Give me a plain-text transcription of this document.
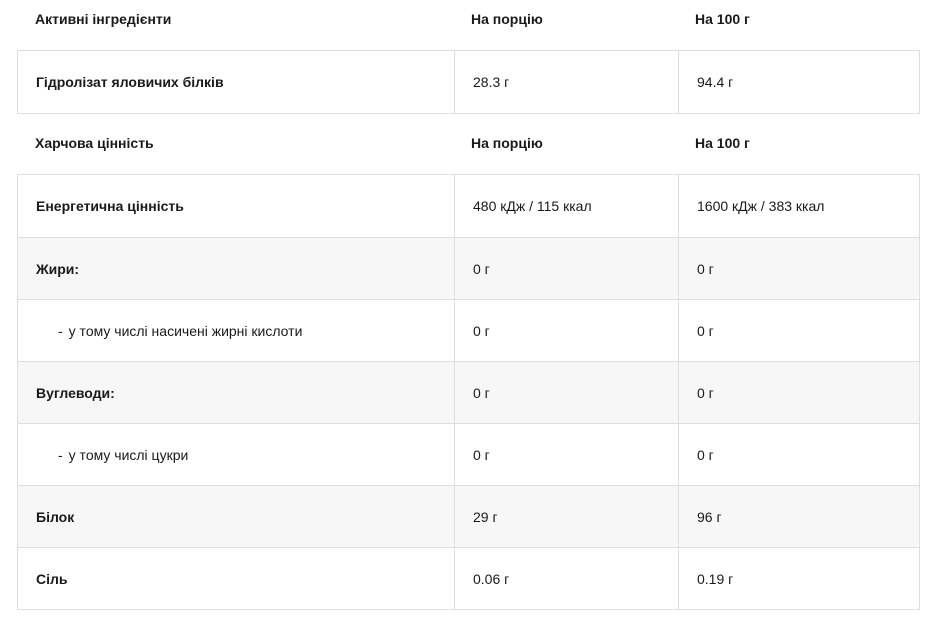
Активні інгредієнти	На порцію	На 100 г
Гідролізат яловичих білків	28.3 г	94.4 г
Харчова цінність	На порцію	На 100 г
Енергетична цінність	480 кДж / 115 ккал	1600 кДж / 383 ккал
Жири:	0 г	0 г
- у тому числі насичені жирні кислоти	0 г	0 г
Вуглеводи:	0 г	0 г
- у тому числі цукри	0 г	0 г
Білок	29 г	96 г
Сіль	0.06 г	0.19 г
